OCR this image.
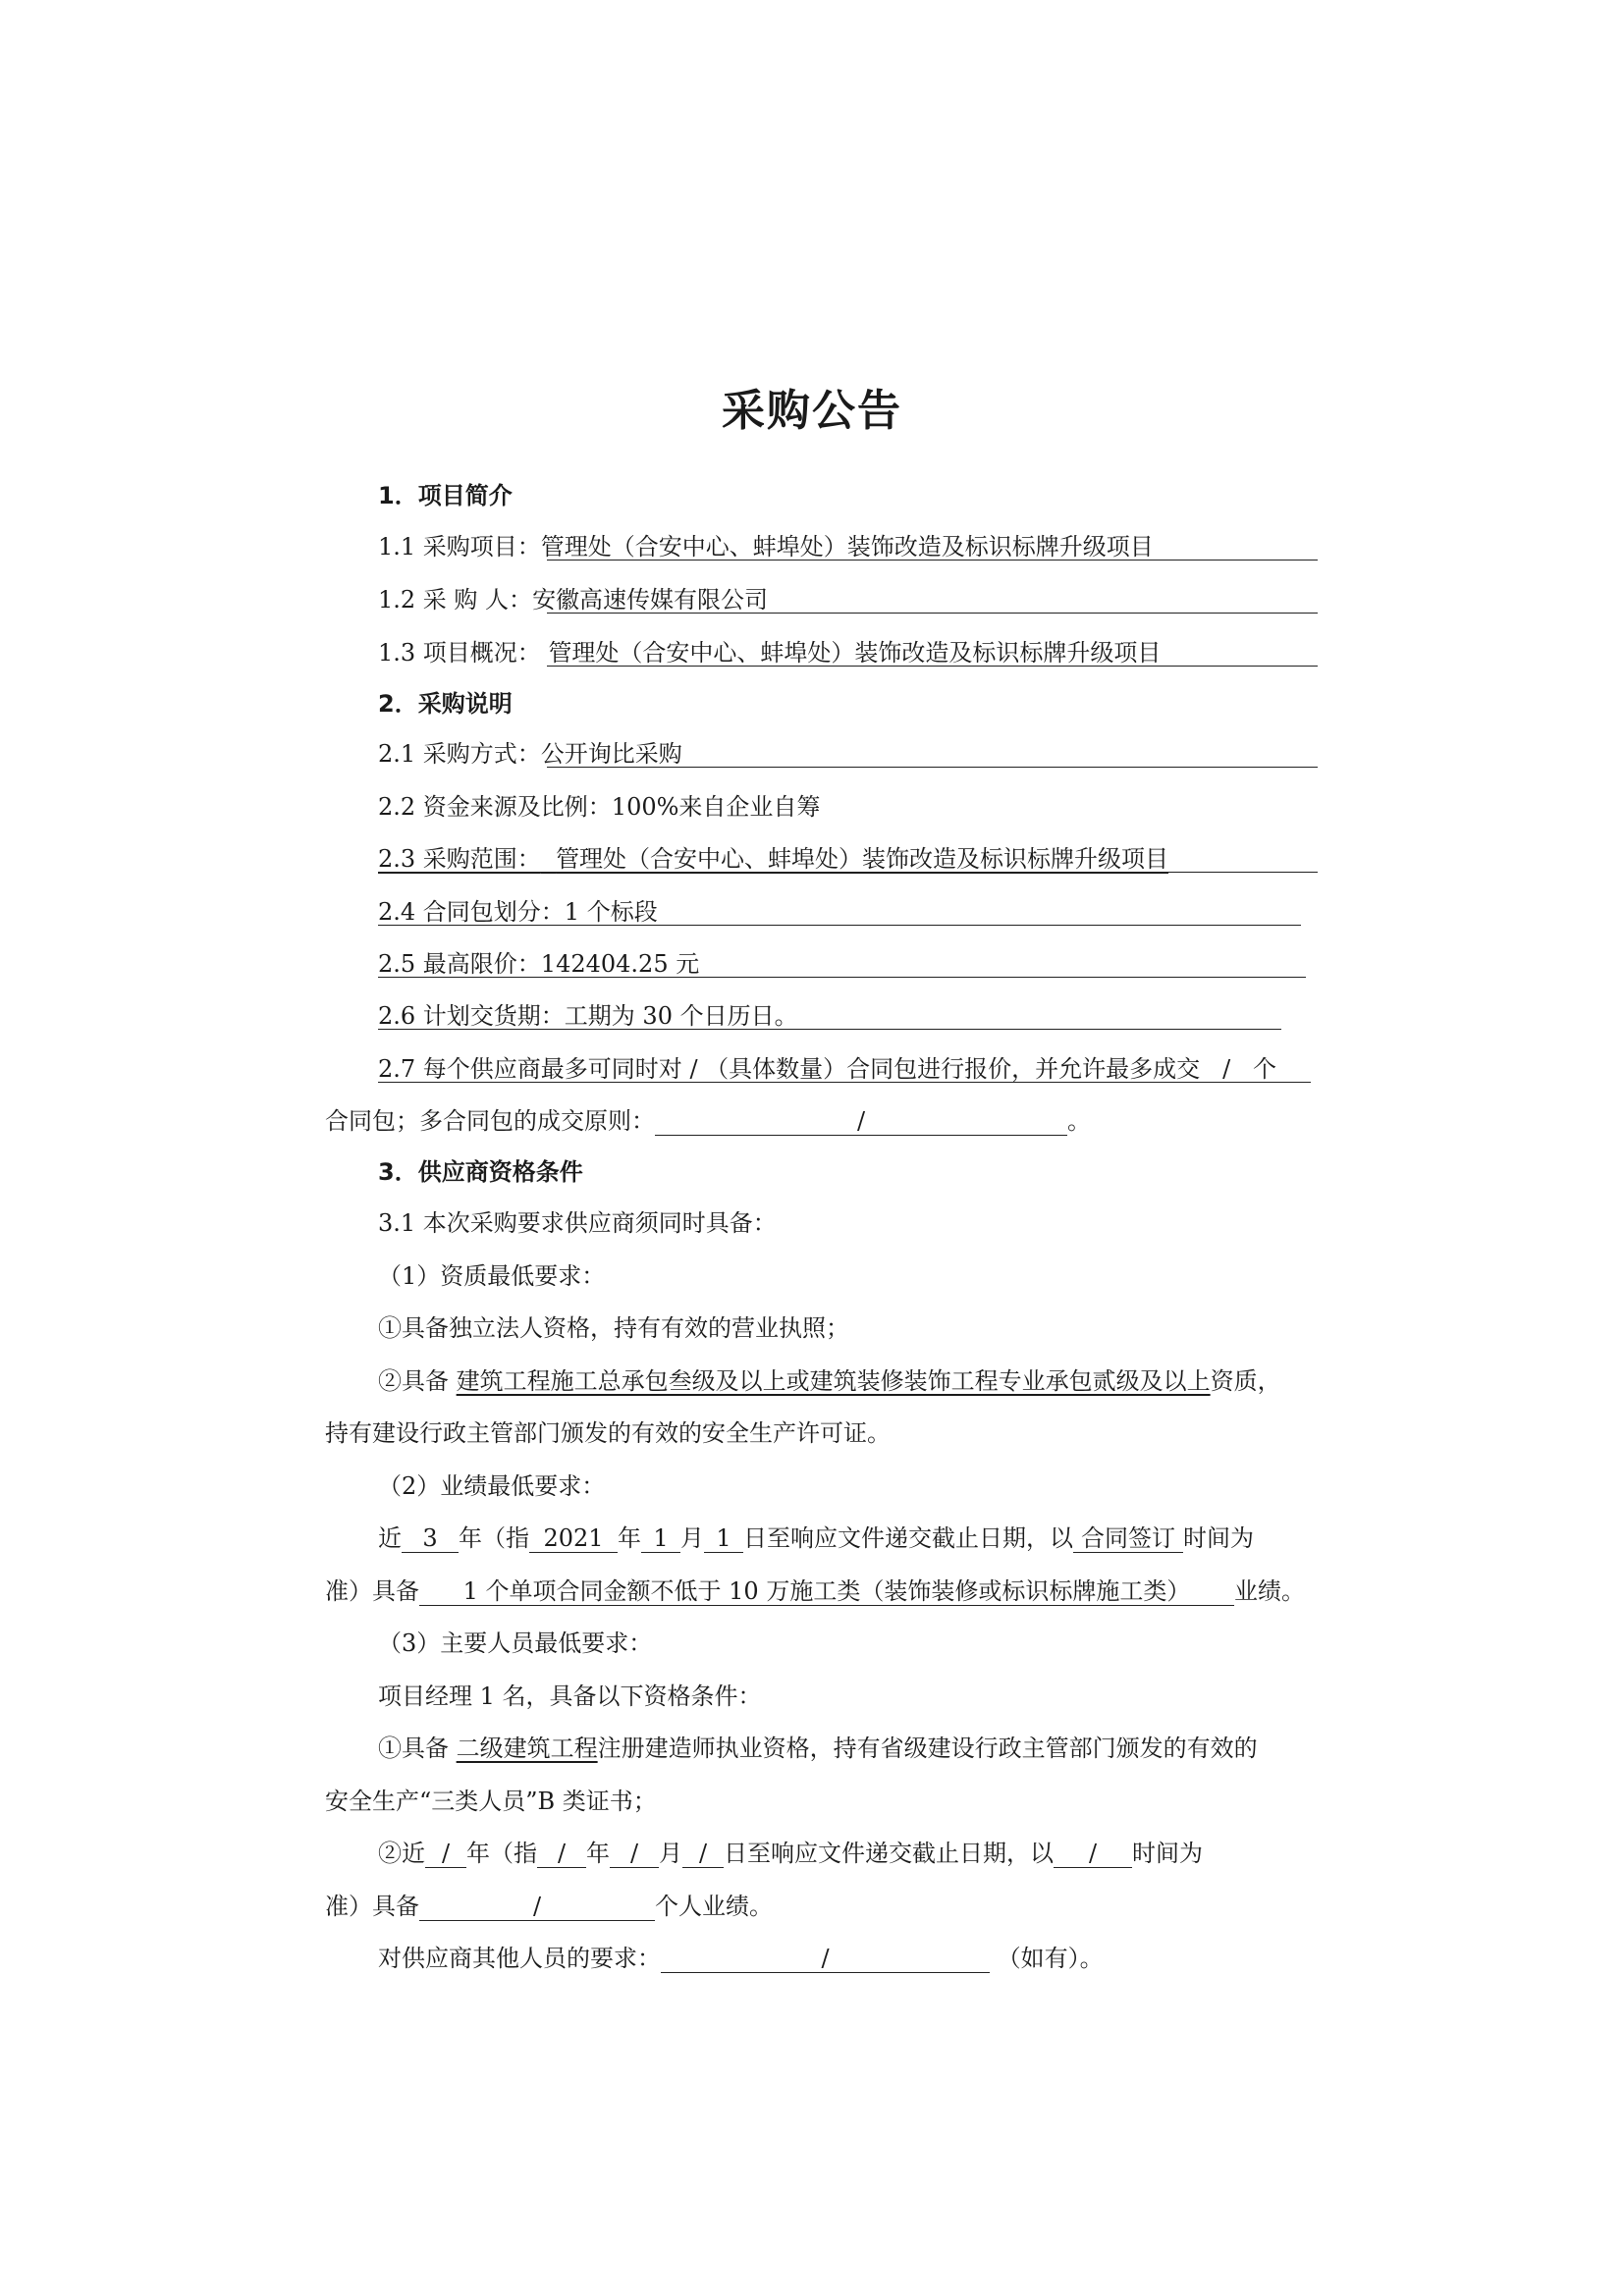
采购公告
1．项目简介
1.1 采购项目：管理处（合安中心、蚌埠处）装饰改造及标识标牌升级项目
1.2 采 购 人：安徽高速传媒有限公司
1.3 项目概况： 管理处（合安中心、蚌埠处）装饰改造及标识标牌升级项目
2．采购说明
2.1 采购方式：公开询比采购
2.2 资金来源及比例：100%来自企业自筹
2.3 采购范围： 管理处（合安中心、蚌埠处）装饰改造及标识标牌升级项目
2.4 合同包划分：1 个标段
2.5 最高限价：142404.25 元
2.6 计划交货期：工期为 30 个日历日。
2.7 每个供应商最多可同时对 / （具体数量）合同包进行报价，并允许最多成交 / 个
合同包；多合同包的成交原则：	/	。
3．供应商资格条件
3.1 本次采购要求供应商须同时具备：
（1）资质最低要求：
①具备独立法人资格，持有有效的营业执照；
②具备 建筑工程施工总承包叁级及以上或建筑装修装饰工程专业承包贰级及以上资质，
持有建设行政主管部门颁发的有效的安全生产许可证。
（2）业绩最低要求：
近 3 年（指 2021 年 1 月 1 日至响应文件递交截止日期，以 合同签订 时间为
准）具备 1 个单项合同金额不低于 10 万施工类（装饰装修或标识标牌施工类） 业绩。
（3）主要人员最低要求：
项目经理 1 名，具备以下资格条件：
①具备 二级建筑工程注册建造师执业资格，持有省级建设行政主管部门颁发的有效的
安全生产“三类人员”B 类证书；
②近 / 年（指 / 年 / 月 / 日至响应文件递交截止日期，以 / 时间为
准）具备	/	个人业绩。
对供应商其他人员的要求：	/	（如有）。
